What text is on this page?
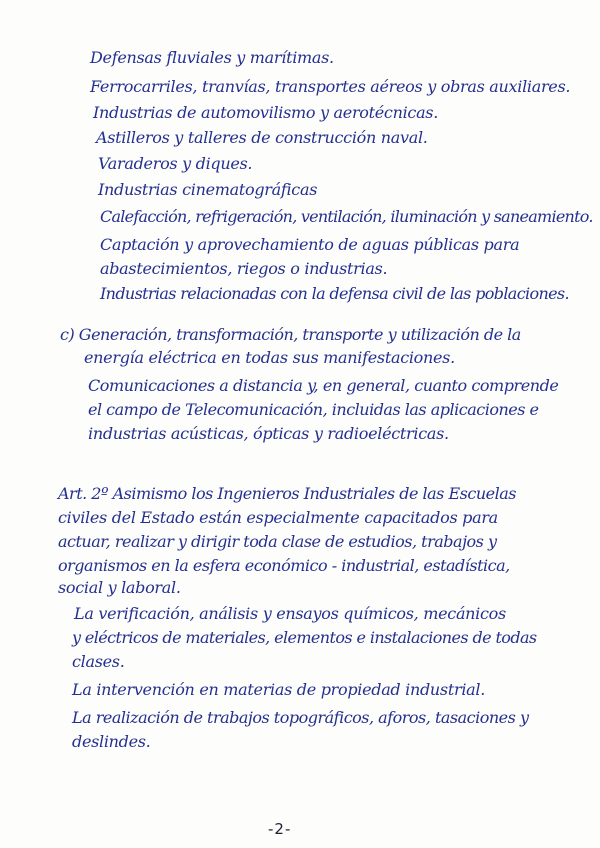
Defensas fluviales y marítimas.
Ferrocarriles, tranvías, transportes aéreos y obras auxiliares.
Industrias de automovilismo y aerotécnicas.
Astilleros y talleres de construcción naval.
Varaderos y diques.
Industrias cinematográficas
Calefacción, refrigeración, ventilación, iluminación y saneamiento.
Captación y aprovechamiento de aguas públicas para
abastecimientos, riegos o industrias.
Industrias relacionadas con la defensa civil de las poblaciones.
c) Generación, transformación, transporte y utilización de la
energía eléctrica en todas sus manifestaciones.
Comunicaciones a distancia y, en general, cuanto comprende
el campo de Telecomunicación, incluidas las aplicaciones e
industrias acústicas, ópticas y radioeléctricas.
Art. 2º Asimismo los Ingenieros Industriales de las Escuelas
civiles del Estado están especialmente capacitados para
actuar, realizar y dirigir toda clase de estudios, trabajos y
organismos en la esfera económico - industrial, estadística,
social y laboral.
La verificación, análisis y ensayos químicos, mecánicos
y eléctricos de materiales, elementos e instalaciones de todas
clases.
La intervención en materias de propiedad industrial.
La realización de trabajos topográficos, aforos, tasaciones y
deslindes.
-2-
